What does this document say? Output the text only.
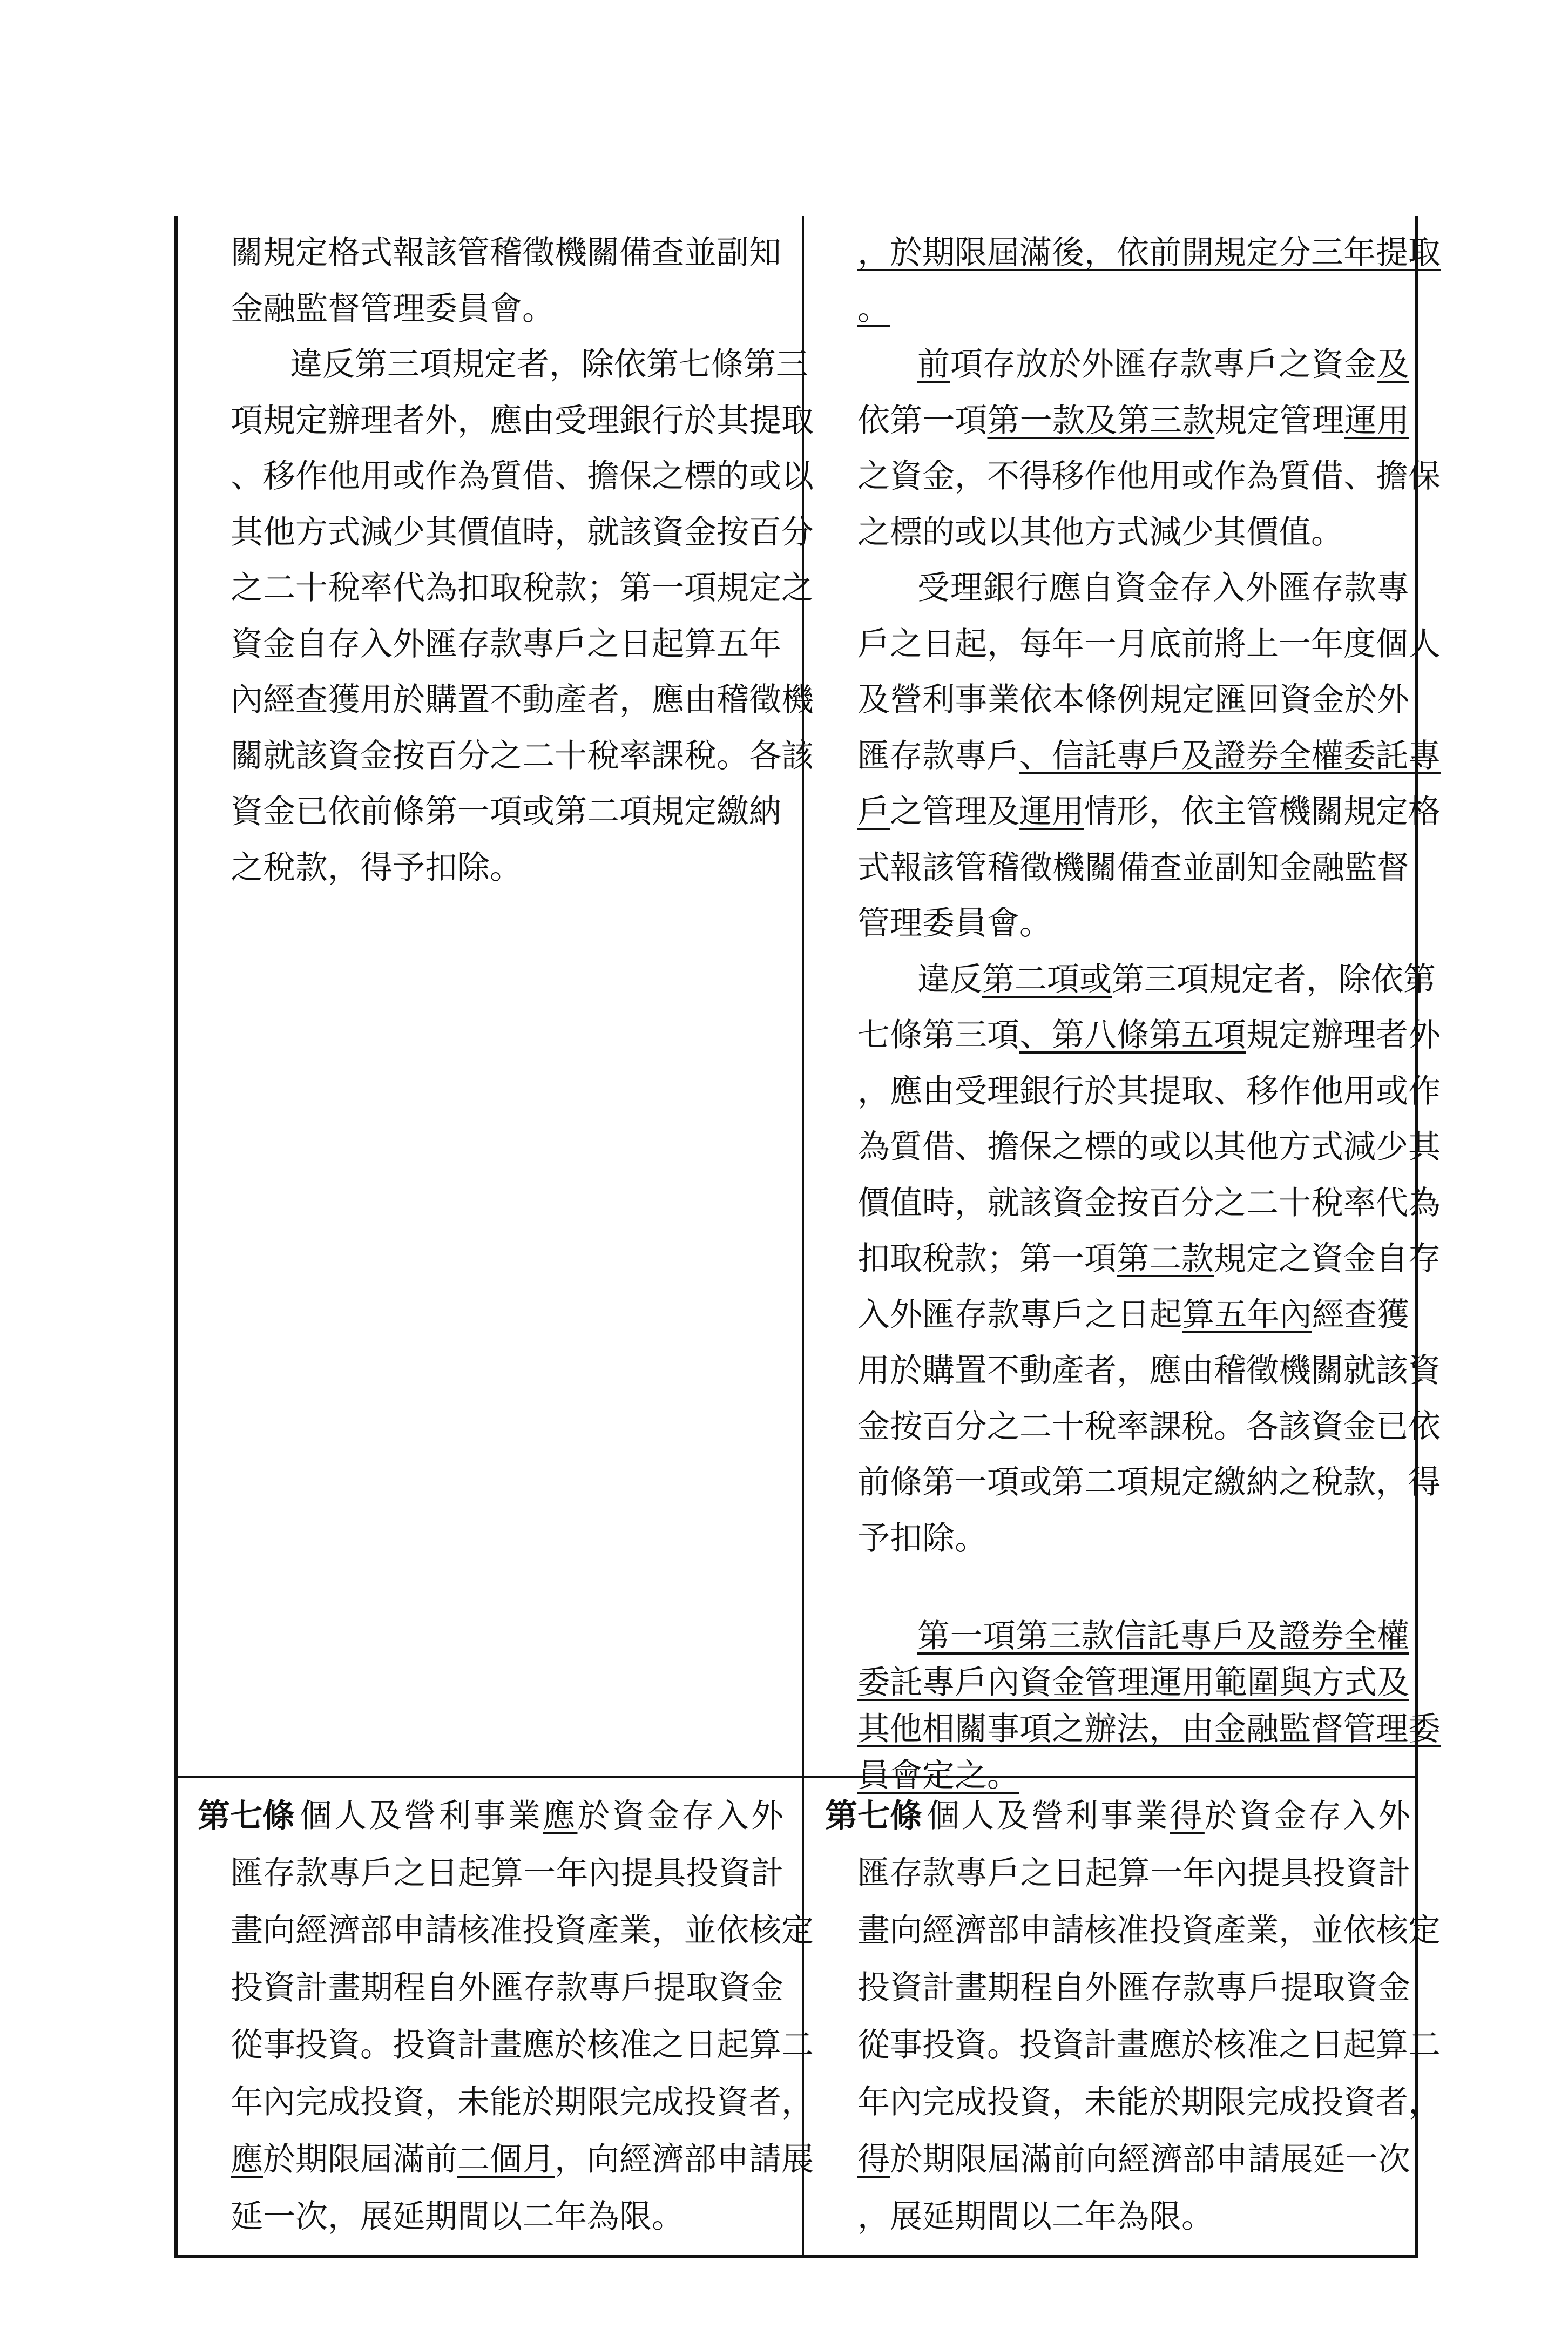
關規定格式報該管稽徵機關備查並副知
金融監督管理委員會。
違反第三項規定者，除依第七條第三
項規定辦理者外，應由受理銀行於其提取
、移作他用或作為質借、擔保之標的或以
其他方式減少其價值時，就該資金按百分
之二十稅率代為扣取稅款；第一項規定之
資金自存入外匯存款專戶之日起算五年
內經查獲用於購置不動產者，應由稽徵機
關就該資金按百分之二十稅率課稅。各該
資金已依前條第一項或第二項規定繳納
之稅款，得予扣除。
，於期限屆滿後，依前開規定分三年提取
。
前項存放於外匯存款專戶之資金及
依第一項第一款及第三款規定管理運用
之資金，不得移作他用或作為質借、擔保
之標的或以其他方式減少其價值。
受理銀行應自資金存入外匯存款專
戶之日起，每年一月底前將上一年度個人
及營利事業依本條例規定匯回資金於外
匯存款專戶、信託專戶及證券全權委託專
戶之管理及運用情形，依主管機關規定格
式報該管稽徵機關備查並副知金融監督
管理委員會。
違反第二項或第三項規定者，除依第
七條第三項、第八條第五項規定辦理者外
，應由受理銀行於其提取、移作他用或作
為質借、擔保之標的或以其他方式減少其
價值時，就該資金按百分之二十稅率代為
扣取稅款；第一項第二款規定之資金自存
入外匯存款專戶之日起算五年內經查獲
用於購置不動產者，應由稽徵機關就該資
金按百分之二十稅率課稅。各該資金已依
前條第一項或第二項規定繳納之稅款，得
予扣除。
第一項第三款信託專戶及證券全權
委託專戶內資金管理運用範圍與方式及
其他相關事項之辦法，由金融監督管理委
員會定之。
第七條 個人及營利事業應於資金存入外
匯存款專戶之日起算一年內提具投資計
畫向經濟部申請核准投資產業，並依核定
投資計畫期程自外匯存款專戶提取資金
從事投資。投資計畫應於核准之日起算二
年內完成投資，未能於期限完成投資者，
應於期限屆滿前二個月，向經濟部申請展
延一次，展延期間以二年為限。
第七條 個人及營利事業得於資金存入外
匯存款專戶之日起算一年內提具投資計
畫向經濟部申請核准投資產業，並依核定
投資計畫期程自外匯存款專戶提取資金
從事投資。投資計畫應於核准之日起算二
年內完成投資，未能於期限完成投資者，
得於期限屆滿前向經濟部申請展延一次
，展延期間以二年為限。
